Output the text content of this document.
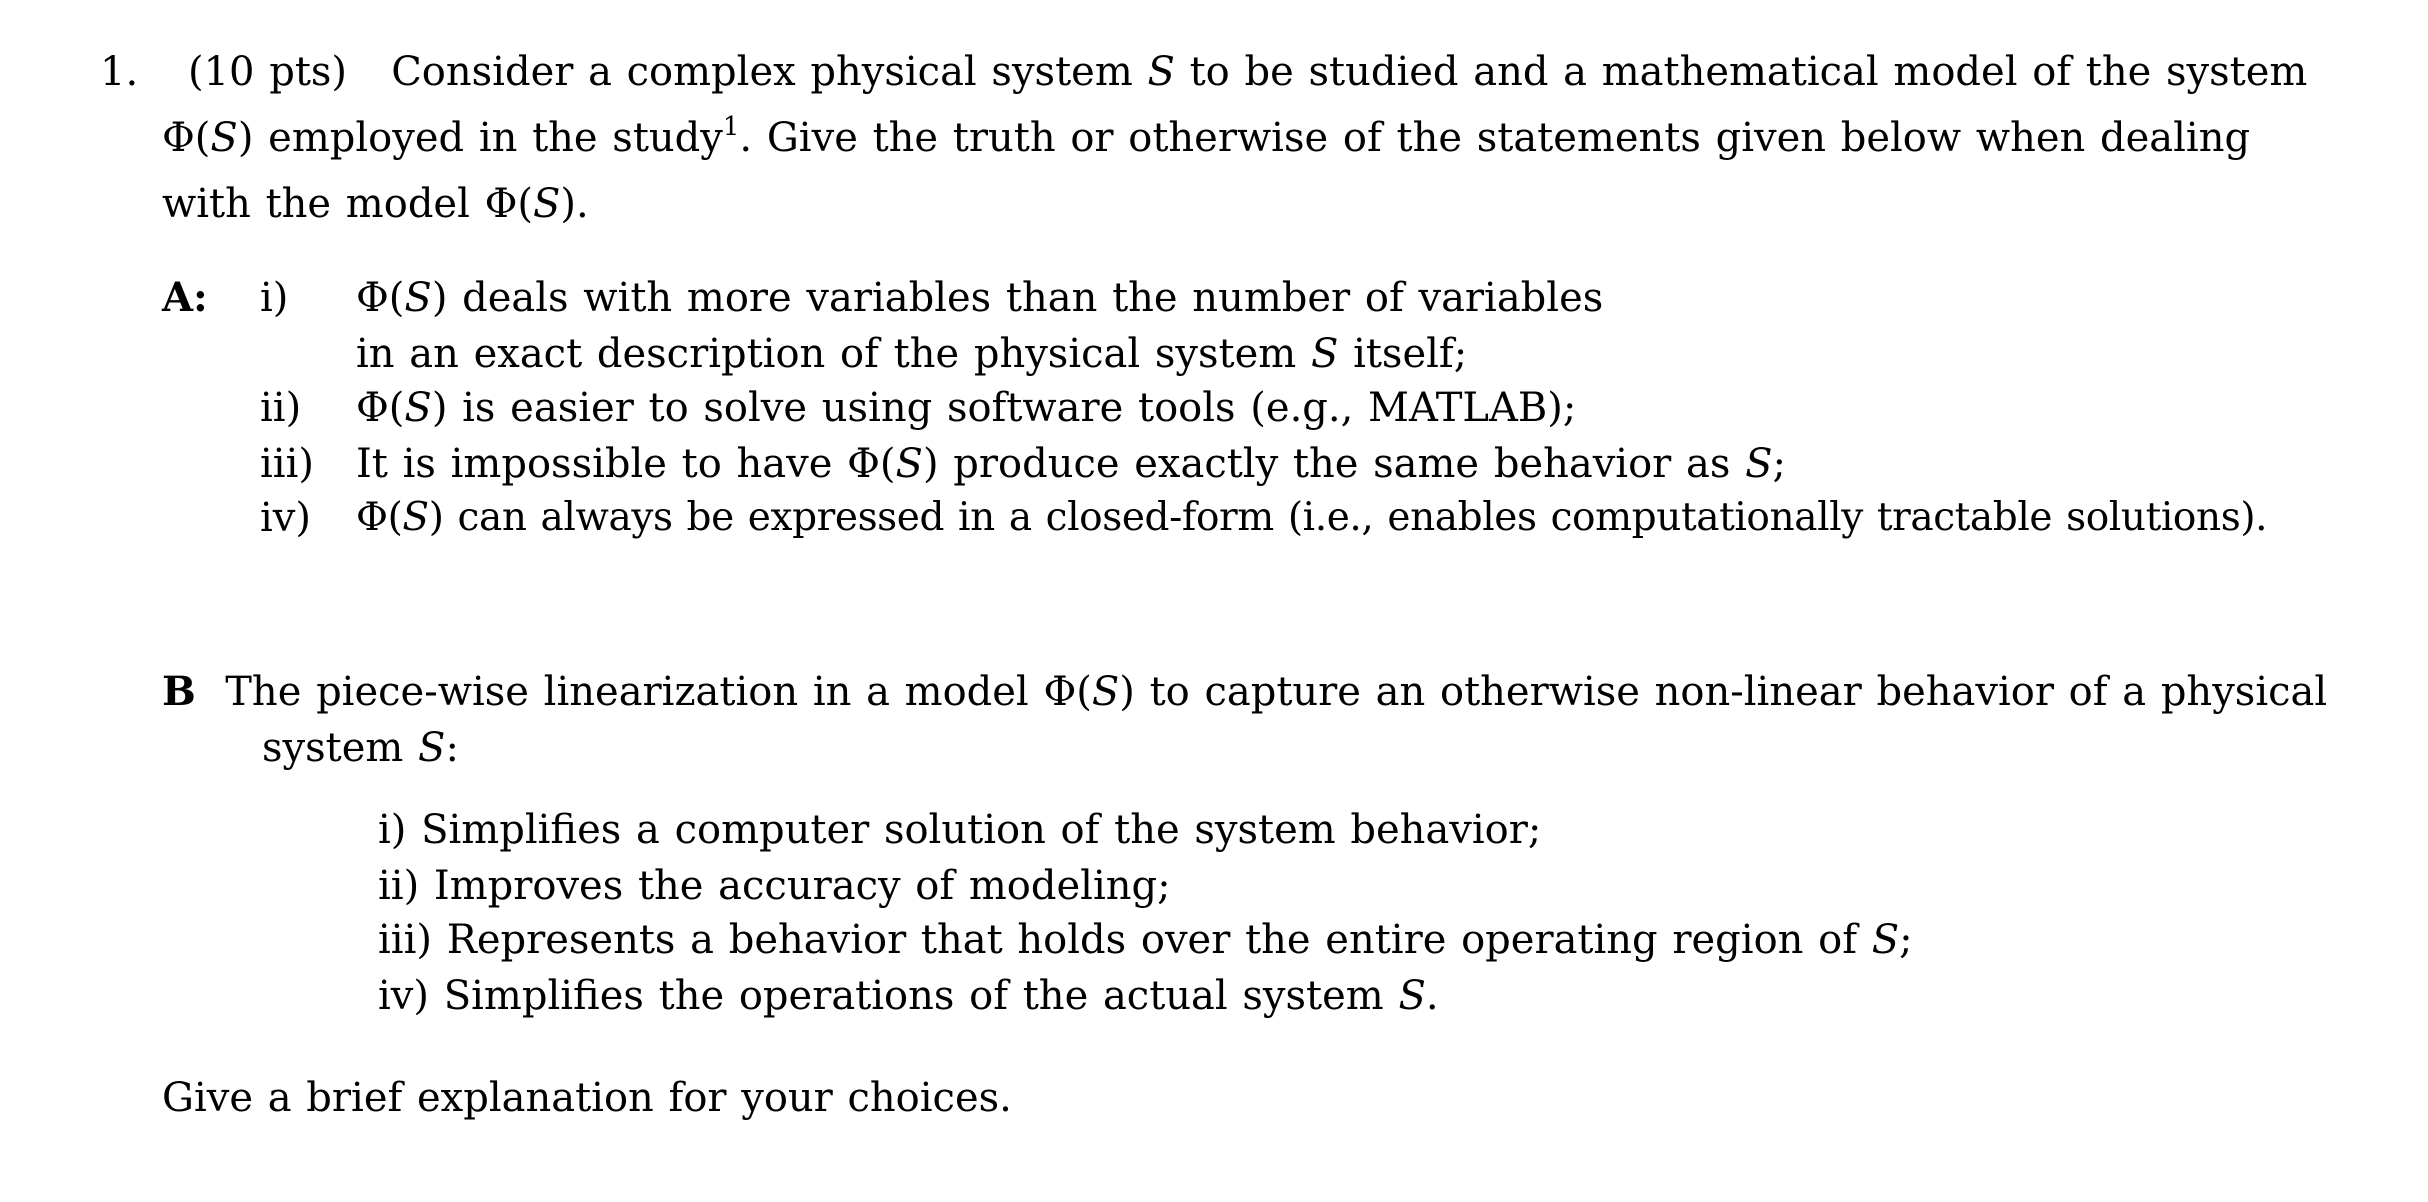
1. (10 pts) Consider a complex physical system S to be studied and a mathematical model of the system
Φ(S) employed in the study$^1$. Give the truth or otherwise of the statements given below when dealing
with the model Φ(S).
A: i) Φ(S) deals with more variables than the number of variables
in an exact description of the physical system S itself;
ii) Φ(S) is easier to solve using software tools (e.g., MATLAB);
iii) It is impossible to have Φ(S) produce exactly the same behavior as S;
iv) Φ(S) can always be expressed in a closed-form (i.e., enables computationally tractable solutions).
B The piece-wise linearization in a model Φ(S) to capture an otherwise non-linear behavior of a physical
system S:
i) Simplifies a computer solution of the system behavior;
ii) Improves the accuracy of modeling;
iii) Represents a behavior that holds over the entire operating region of S;
iv) Simplifies the operations of the actual system S.
Give a brief explanation for your choices.
